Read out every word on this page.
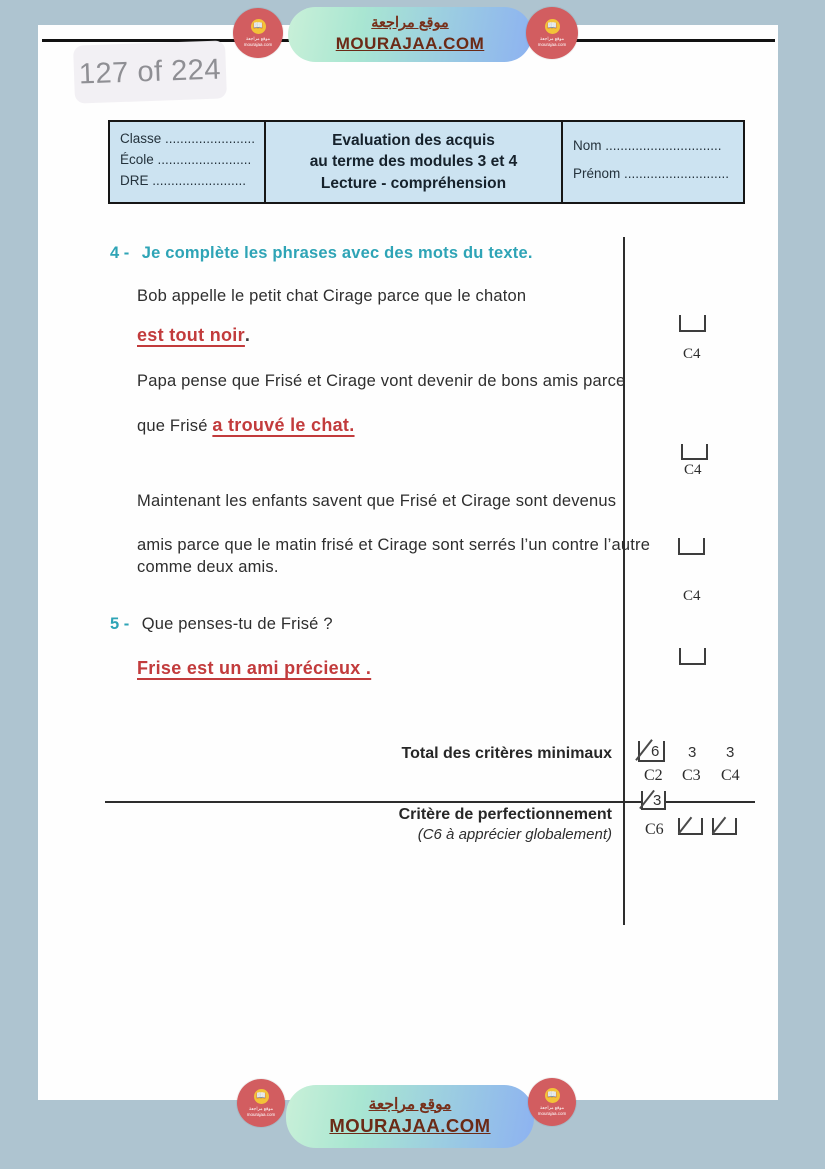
Classe ........................
École .........................
DRE .........................
Evaluation des acquis
au terme des modules 3 et 4
Lecture - compréhension
Nom ...............................
Prénom ............................
4 - Je complète les phrases avec des mots du texte.
Bob appelle le petit chat Cirage parce que le chaton
est tout noir.
C4
Papa pense que Frisé et Cirage vont devenir de bons amis parce
que Frisé a trouvé le chat.
C4
Maintenant les enfants savent que Frisé et Cirage sont devenus
amis parce que le matin frisé et Cirage sont serrés l’un contre l’autre
comme deux amis.
C4
5 - Que penses-tu de Frisé ?
Frise est un ami précieux .
Total des critères minimaux	6 3 3
C2 C3 C4
3
Critère de perfectionnement
(C6 à apprécier globalement) C6
127 of 224
موقع مراجعة
MOURAJAA.COM
📖
موقع مراجعة
mourajaa.com
📖
موقع مراجعة
mourajaa.com
موقع مراجعة
MOURAJAA.COM
📖
موقع مراجعة
mourajaa.com
📖
موقع مراجعة
mourajaa.com
